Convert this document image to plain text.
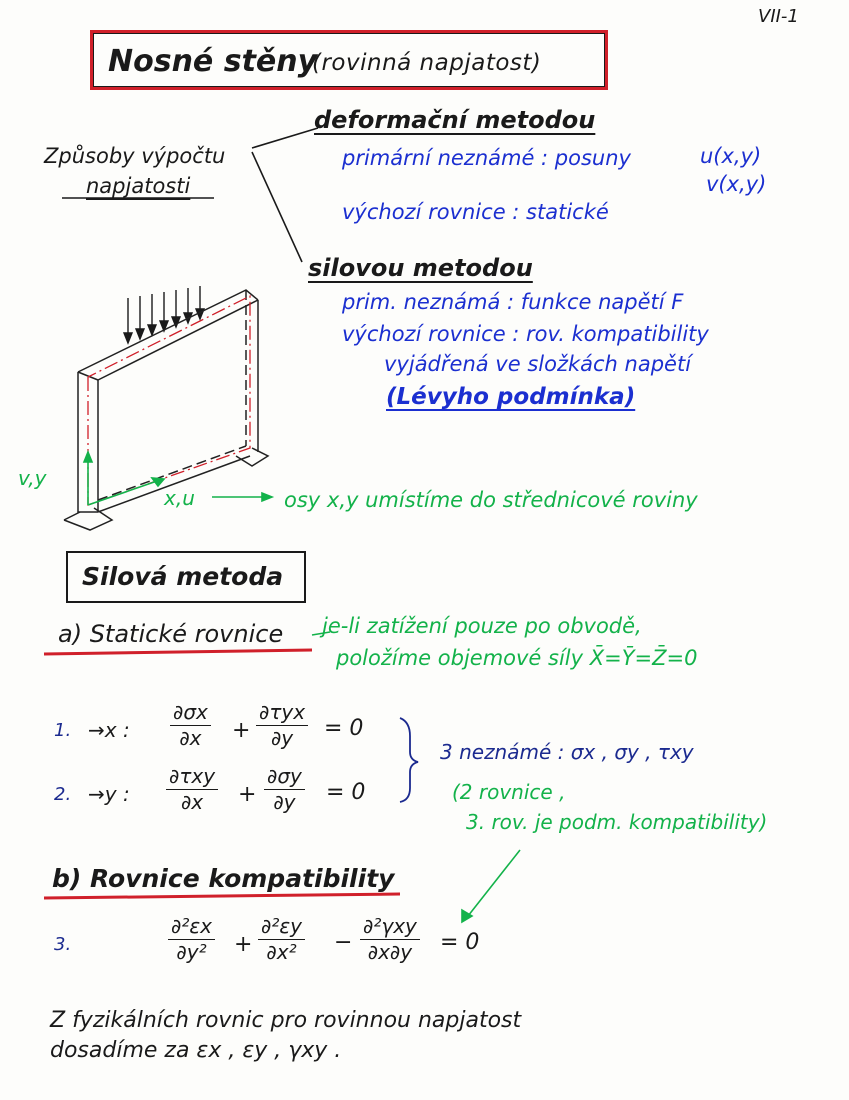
VII-1
Nosné stěny
(rovinná napjatost)
Způsoby výpočtu
napjatosti
deformační metodou
primární neznámé : posuny	u(x,y)
v(x,y)
výchozí rovnice : statické
silovou metodou
prim. neznámá : funkce napětí F
výchozí rovnice : rov. kompatibility
vyjádřená ve složkách napětí
(Lévyho podmínka)
v,y
x,u	osy x,y umístíme do střednicové roviny
Silová metoda
a) Statické rovnice je-li zatížení pouze po obvodě,
položíme objemové síly X̄=Ȳ=Z̄=0
1. →x : $\frac{\partial\sigma x}{\partial x}$ +
∂τyx
∂y = 0
2. →y :
∂τxy
$\partial x + \frac{\partial\sigma y}{\partial y} = 0$
3 neznámé : σx , σy , τxy
(2 rovnice ,
3. rov. je podm. kompatibility)
b) Rovnice kompatibility
3.	$\frac{\text{∂²εx}}{\text{∂y²}} + \frac{\text{∂²εy}}{\text{∂x²}}$ −
∂²γxy
∂x∂y = 0
Z fyzikálních rovnic pro rovinnou napjatost
dosadíme za εx , εy , γxy .
